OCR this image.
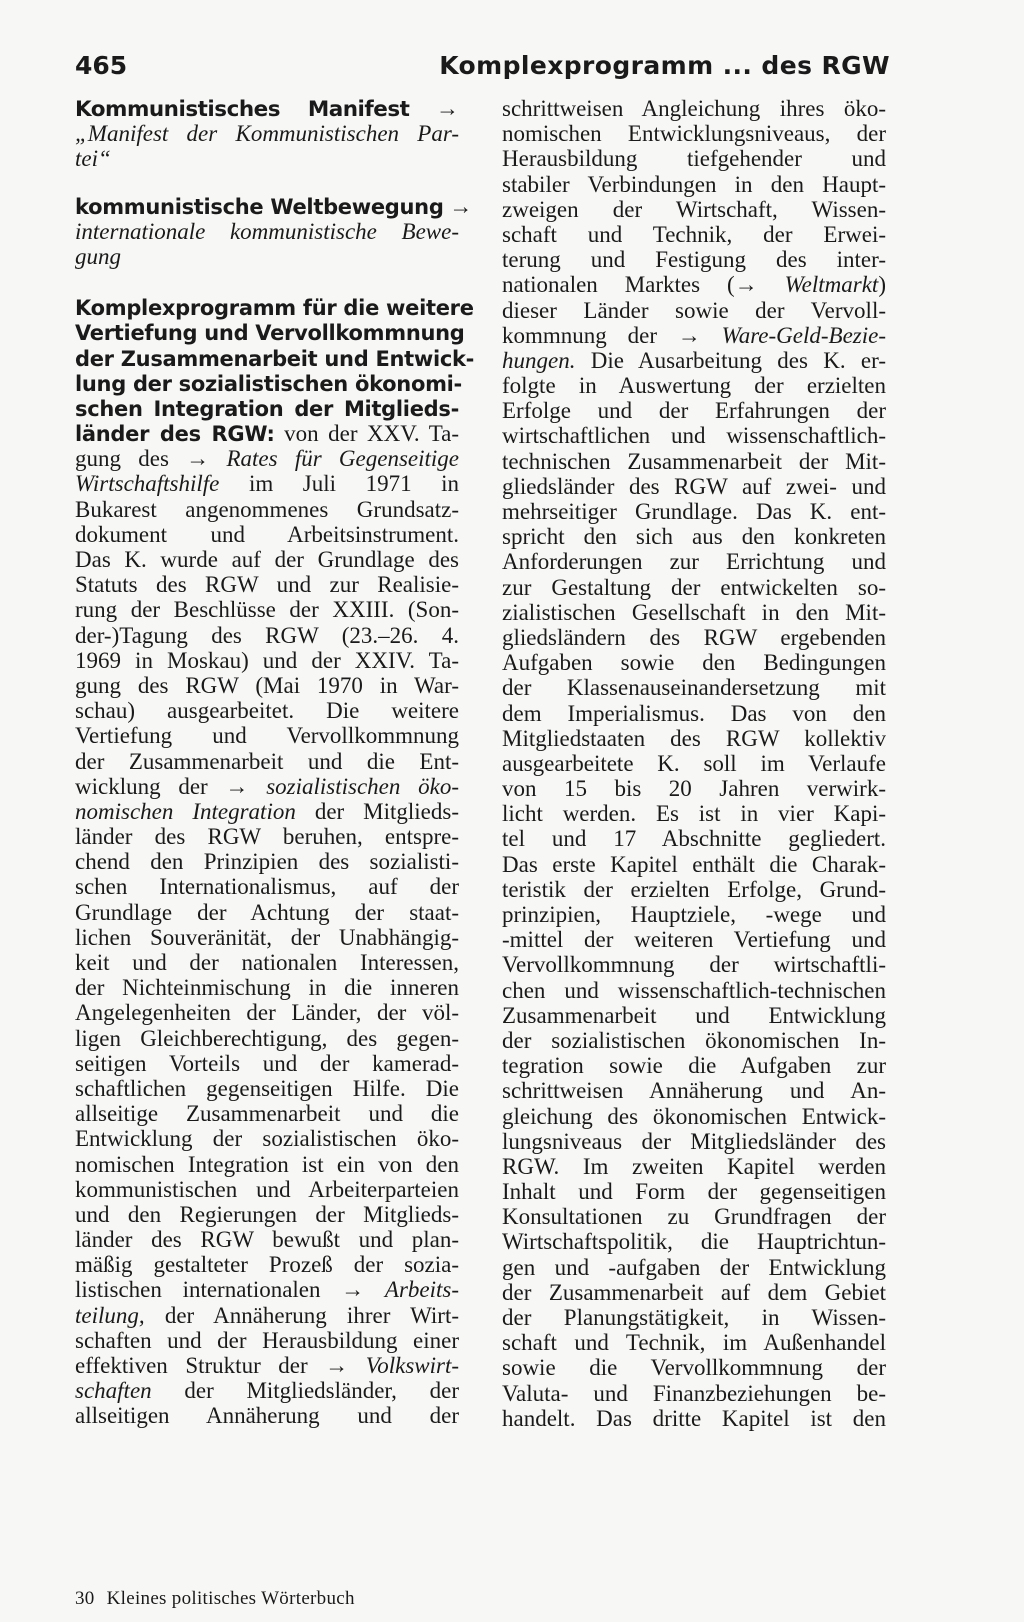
465	Komplexprogramm ... des RGW
Kommunistisches Manifest →
„Manifest der Kommunistischen Par-
tei“
kommunistische Weltbewegung →
internationale kommunistische Bewe-
gung
Komplexprogramm für die weitere
Vertiefung und Vervollkommnung
der Zusammenarbeit und Entwick-
lung der sozialistischen ökonomi-
schen Integration der Mitglieds-
länder des RGW: von der XXV. Ta-
gung des → Rates für Gegenseitige
Wirtschaftshilfe im Juli 1971 in
Bukarest angenommenes Grundsatz-
dokument und Arbeitsinstrument.
Das K. wurde auf der Grundlage des
Statuts des RGW und zur Realisie-
rung der Beschlüsse der XXIII. (Son-
der-)Tagung des RGW (23.–26. 4.
1969 in Moskau) und der XXIV. Ta-
gung des RGW (Mai 1970 in War-
schau) ausgearbeitet. Die weitere
Vertiefung und Vervollkommnung
der Zusammenarbeit und die Ent-
wicklung der → sozialistischen öko-
nomischen Integration der Mitglieds-
länder des RGW beruhen, entspre-
chend den Prinzipien des sozialisti-
schen Internationalismus, auf der
Grundlage der Achtung der staat-
lichen Souveränität, der Unabhängig-
keit und der nationalen Interessen,
der Nichteinmischung in die inneren
Angelegenheiten der Länder, der völ-
ligen Gleichberechtigung, des gegen-
seitigen Vorteils und der kamerad-
schaftlichen gegenseitigen Hilfe. Die
allseitige Zusammenarbeit und die
Entwicklung der sozialistischen öko-
nomischen Integration ist ein von den
kommunistischen und Arbeiterparteien
und den Regierungen der Mitglieds-
länder des RGW bewußt und plan-
mäßig gestalteter Prozeß der sozia-
listischen internationalen → Arbeits-
teilung, der Annäherung ihrer Wirt-
schaften und der Herausbildung einer
effektiven Struktur der → Volkswirt-
schaften der Mitgliedsländer, der
allseitigen Annäherung und der
schrittweisen Angleichung ihres öko-
nomischen Entwicklungsniveaus, der
Herausbildung tiefgehender und
stabiler Verbindungen in den Haupt-
zweigen der Wirtschaft, Wissen-
schaft und Technik, der Erwei-
terung und Festigung des inter-
nationalen Marktes (→ Weltmarkt)
dieser Länder sowie der Vervoll-
kommnung der → Ware-Geld-Bezie-
hungen. Die Ausarbeitung des K. er-
folgte in Auswertung der erzielten
Erfolge und der Erfahrungen der
wirtschaftlichen und wissenschaftlich-
technischen Zusammenarbeit der Mit-
gliedsländer des RGW auf zwei- und
mehrseitiger Grundlage. Das K. ent-
spricht den sich aus den konkreten
Anforderungen zur Errichtung und
zur Gestaltung der entwickelten so-
zialistischen Gesellschaft in den Mit-
gliedsländern des RGW ergebenden
Aufgaben sowie den Bedingungen
der Klassenauseinandersetzung mit
dem Imperialismus. Das von den
Mitgliedstaaten des RGW kollektiv
ausgearbeitete K. soll im Verlaufe
von 15 bis 20 Jahren verwirk-
licht werden. Es ist in vier Kapi-
tel und 17 Abschnitte gegliedert.
Das erste Kapitel enthält die Charak-
teristik der erzielten Erfolge, Grund-
prinzipien, Hauptziele, -wege und
-mittel der weiteren Vertiefung und
Vervollkommnung der wirtschaftli-
chen und wissenschaftlich-technischen
Zusammenarbeit und Entwicklung
der sozialistischen ökonomischen In-
tegration sowie die Aufgaben zur
schrittweisen Annäherung und An-
gleichung des ökonomischen Entwick-
lungsniveaus der Mitgliedsländer des
RGW. Im zweiten Kapitel werden
Inhalt und Form der gegenseitigen
Konsultationen zu Grundfragen der
Wirtschaftspolitik, die Hauptrichtun-
gen und -aufgaben der Entwicklung
der Zusammenarbeit auf dem Gebiet
der Planungstätigkeit, in Wissen-
schaft und Technik, im Außenhandel
sowie die Vervollkommnung der
Valuta- und Finanzbeziehungen be-
handelt. Das dritte Kapitel ist den
30 Kleines politisches Wörterbuch
